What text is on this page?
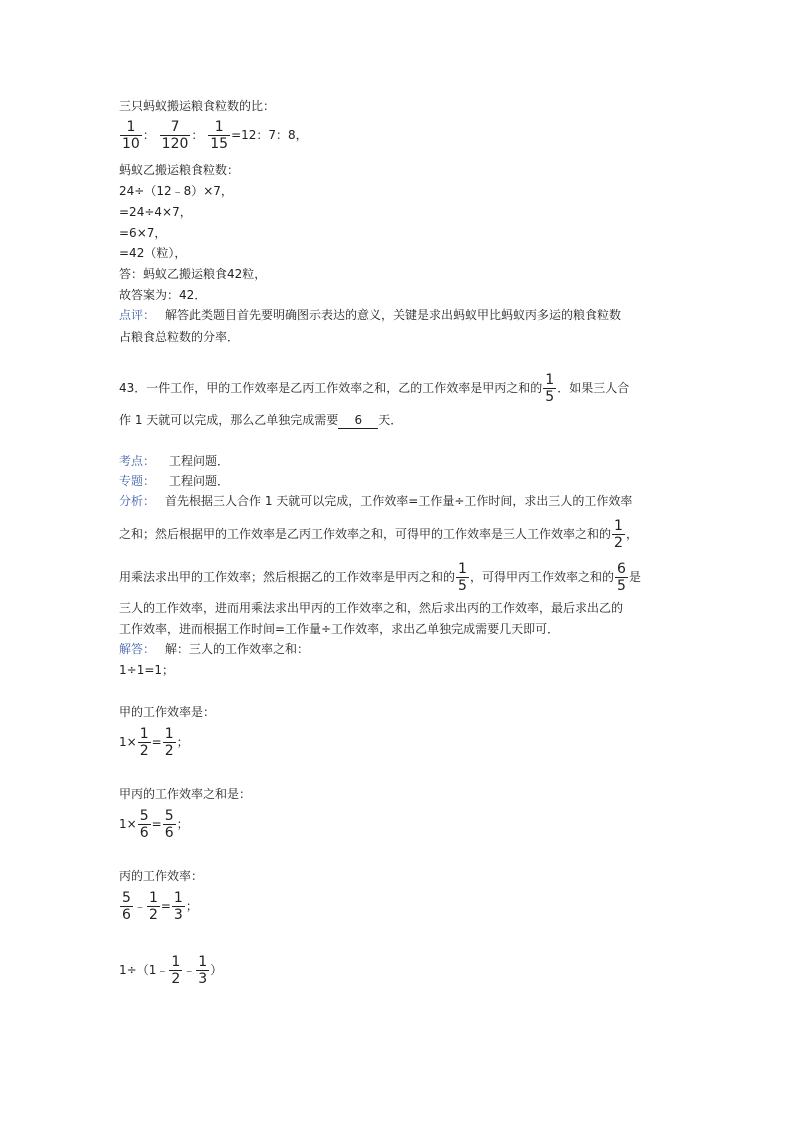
三只蚂蚁搬运粮食粒数的比：
$\frac{1}{10}$ ： $\frac{7}{120}$ ： $\frac{1}{15} =12$：7：8，
蚂蚁乙搬运粮食粒数：
24÷（12﹣8）×7，
=24÷4×7，
=6×7，
=42（粒），
答：蚂蚁乙搬运粮食42粒，
故答案为：42．
点评： 解答此类题目首先要明确图示表达的意义，关键是求出蚂蚁甲比蚂蚁丙多运的粮食粒数
占粮食总粒数的分率．
43．一件工作，甲的工作效率是乙丙工作效率之和，乙的工作效率是甲丙之和的 $\frac{1}{5}$ ．如果三人合
作 1 天就可以完成，那么乙单独完成需要 6 天．
考点： 工程问题．
专题： 工程问题．
分析： 首先根据三人合作 1 天就可以完成，工作效率=工作量÷工作时间，求出三人的工作效率
之和；然后根据甲的工作效率是乙丙工作效率之和，可得甲的工作效率是三人工作效率之和的 $\frac{1}{2}$ ，
用乘法求出甲的工作效率；然后根据乙的工作效率是甲丙之和的 $\frac{1}{5}$ ，可得甲丙工作效率之和的 $\frac{6}{5}$ 是
三人的工作效率，进而用乘法求出甲丙的工作效率之和，然后求出丙的工作效率，最后求出乙的
工作效率，进而根据工作时间=工作量÷工作效率，求出乙单独完成需要几天即可．
解答： 解：三人的工作效率之和：
1÷1=1；
甲的工作效率是：
$1\times \frac{1}{2} = \frac{1}{2}$ ；
甲丙的工作效率之和是：
$1\times \frac{5}{6} = \frac{5}{6}$ ；
丙的工作效率：
$\frac{5}{6}$ ﹣ $\frac{1}{2} = \frac{1}{3}$ ；
1÷（1﹣ $\frac{1}{2}$ ﹣ $\frac{1}{3}$ ）
